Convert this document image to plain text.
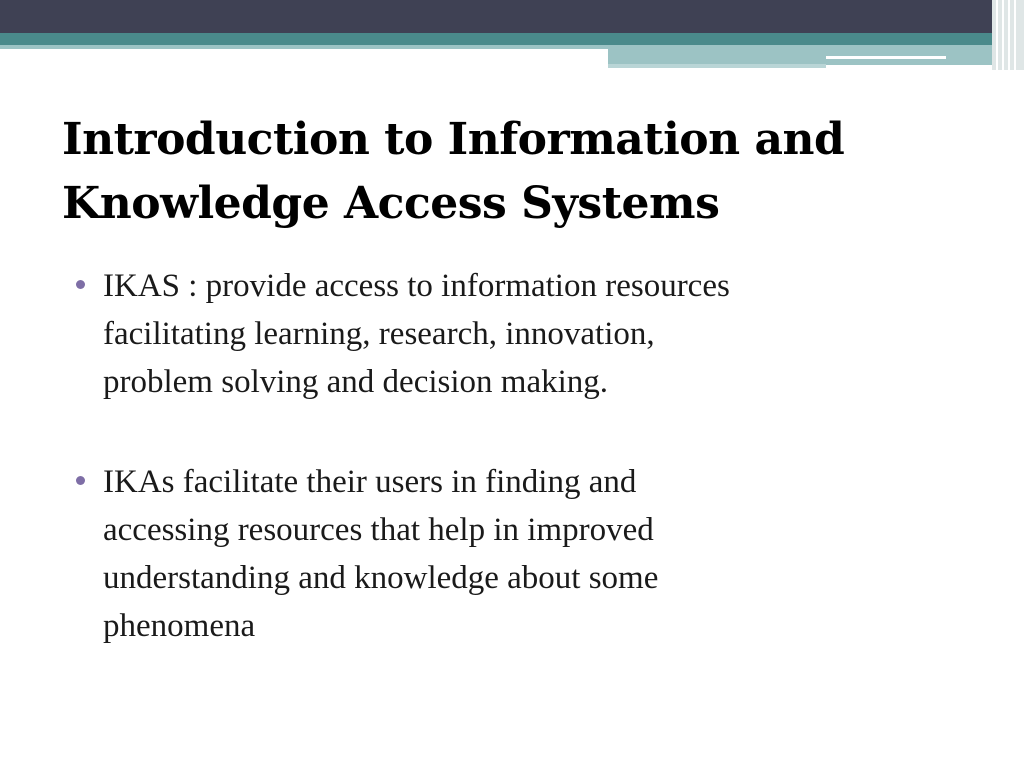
Introduction to Information and
Knowledge Access Systems
IKAS : provide access to information resources
facilitating learning, research, innovation,
problem solving and decision making.
IKAs facilitate their users in finding and
accessing resources that help in improved
understanding and knowledge about some
phenomena
